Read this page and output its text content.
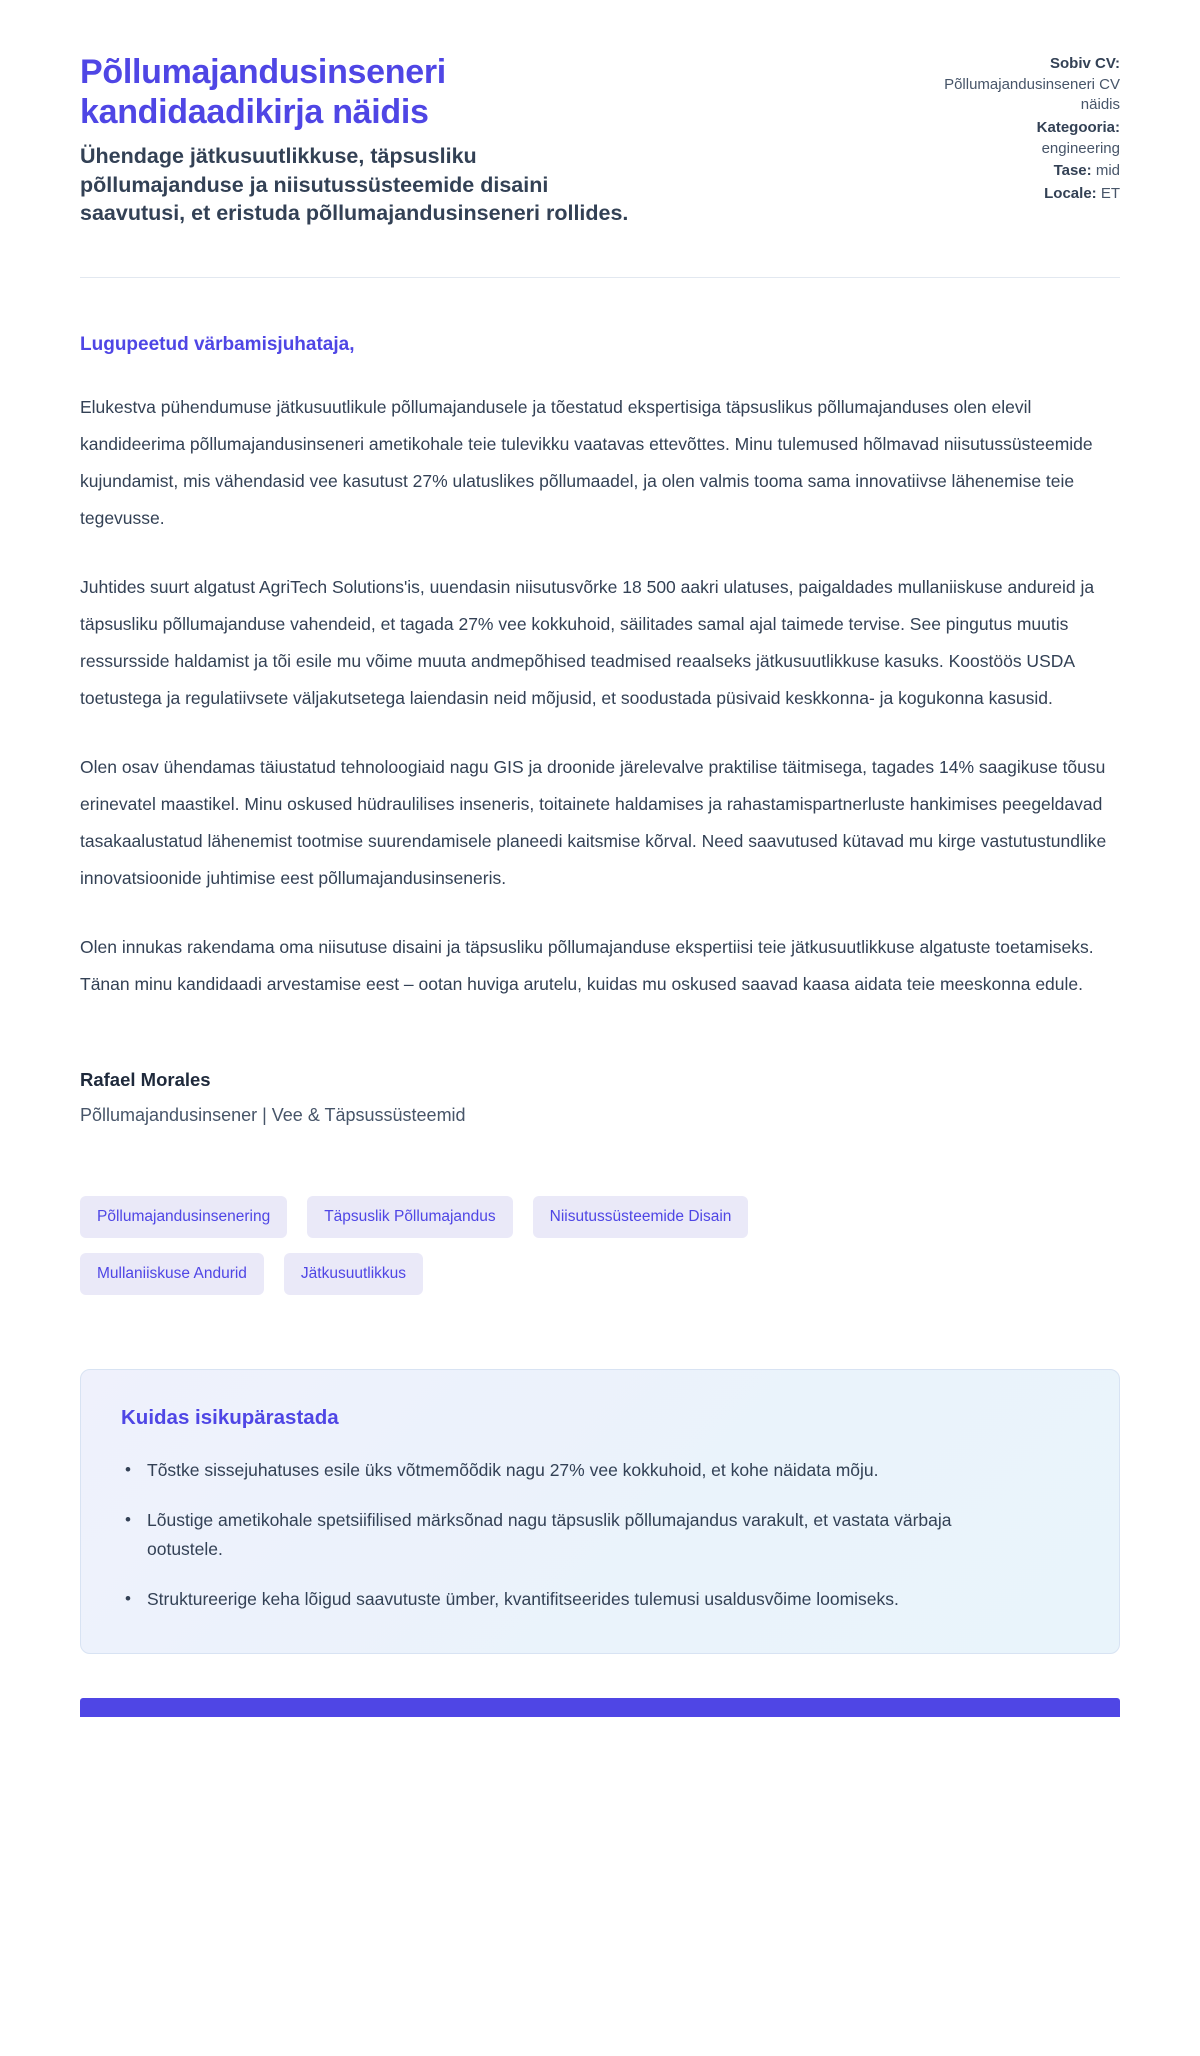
Põllumajandusinseneri kandidaadikirja näidis
Ühendage jätkusuutlikkuse, täpsusliku põllumajanduse ja niisutussüsteemide disaini saavutusi, et eristuda põllumajandusinseneri rollides.
Sobiv CV:
Põllumajandusinseneri CV näidis
Kategooria:
engineering
Tase: mid
Locale: ET
Lugupeetud värbamisjuhataja,

Elukestva pühendumuse jätkusuutlikule põllumajandusele ja tõestatud ekspertisiga täpsuslikus põllumajanduses olen elevil kandideerima põllumajandusinseneri ametikohale teie tulevikku vaatavas ettevõttes. Minu tulemused hõlmavad niisutussüsteemide kujundamist, mis vähendasid vee kasutust 27% ulatuslikes põllumaadel, ja olen valmis tooma sama innovatiivse lähenemise teie tegevusse.

Juhtides suurt algatust AgriTech Solutions'is, uuendasin niisutusvõrke 18 500 aakri ulatuses, paigaldades mullaniiskuse andureid ja täpsusliku põllumajanduse vahendeid, et tagada 27% vee kokkuhoid, säilitades samal ajal taimede tervise. See pingutus muutis ressursside haldamist ja tõi esile mu võime muuta andmepõhised teadmised reaalseks jätkusuutlikkuse kasuks. Koostöös USDA toetustega ja regulatiivsete väljakutsetega laiendasin neid mõjusid, et soodustada püsivaid keskkonna- ja kogukonna kasusid.

Olen osav ühendamas täiustatud tehnoloogiaid nagu GIS ja droonide järelevalve praktilise täitmisega, tagades 14% saagikuse tõusu erinevatel maastikel. Minu oskused hüdraulilises inseneris, toitainete haldamises ja rahastamispartnerluste hankimises peegeldavad tasakaalustatud lähenemist tootmise suurendamisele planeedi kaitsmise kõrval. Need saavutused kütavad mu kirge vastutustundlike innovatsioonide juhtimise eest põllumajandusinseneris.

Olen innukas rakendama oma niisutuse disaini ja täpsusliku põllumajanduse ekspertiisi teie jätkusuutlikkuse algatuste toetamiseks. Tänan minu kandidaadi arvestamise eest – ootan huviga arutelu, kuidas mu oskused saavad kaasa aidata teie meeskonna edule.

Rafael Morales
Põllumajandusinsener | Vee & Täpsussüsteemid
Põllumajandusinsenering	Täpsuslik Põllumajandus	Niisutussüsteemide Disain
Mullaniiskuse Andurid	Jätkusuutlikkus
Kuidas isikupärastada
• Tõstke sissejuhatuses esile üks võtmemõõdik nagu 27% vee kokkuhoid, et kohe näidata mõju.
• Lõustige ametikohale spetsiifilised märksõnad nagu täpsuslik põllumajandus varakult, et vastata värbaja ootustele.
• Struktureerige keha lõigud saavutuste ümber, kvantifitseerides tulemusi usaldusvõime loomiseks.
